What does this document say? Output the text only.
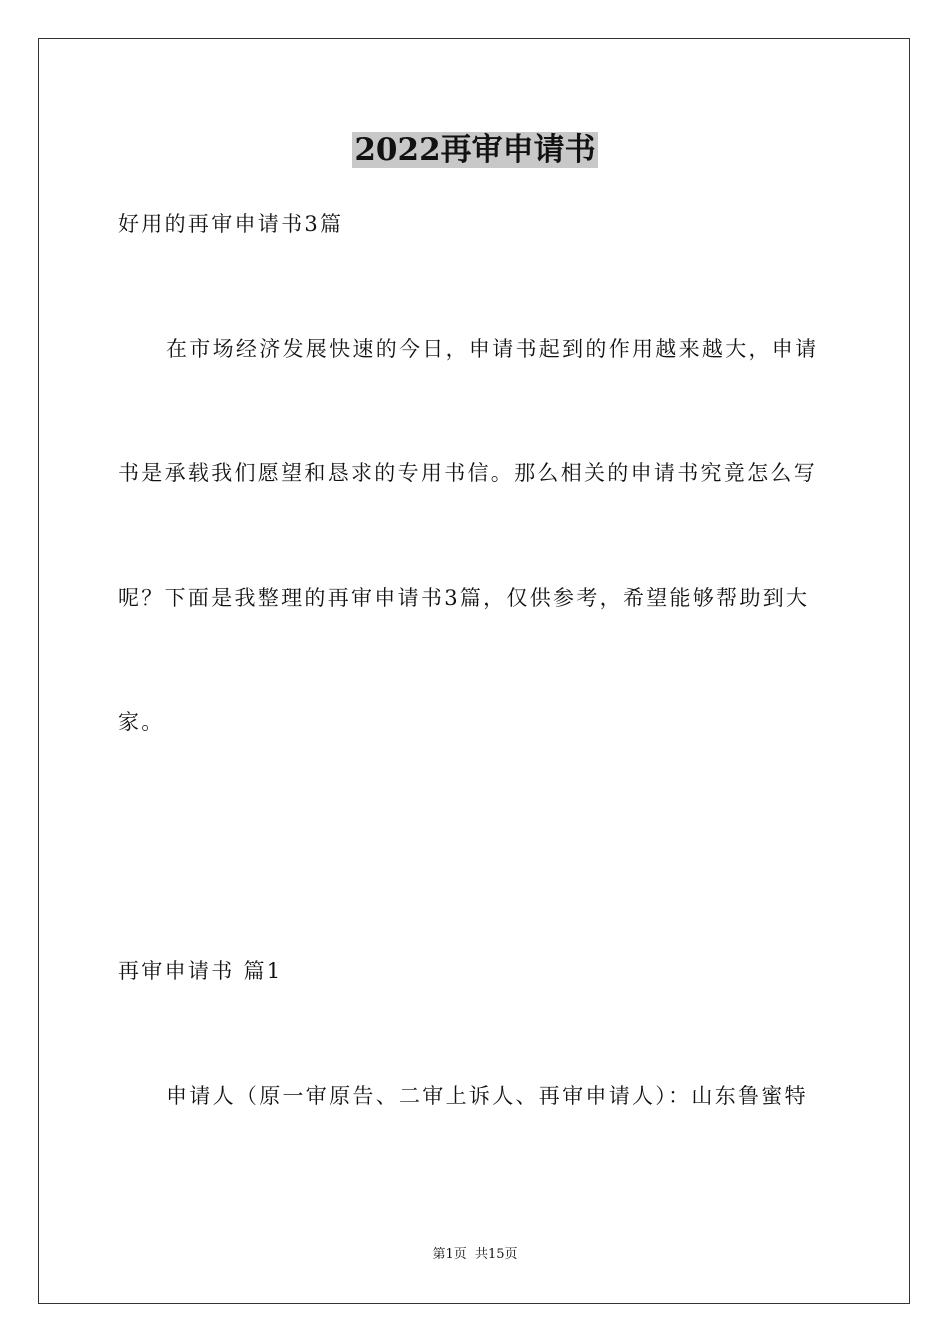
2022再审申请书

好用的再审申请书3篇

在市场经济发展快速的今日，申请书起到的作用越来越大，申请

书是承载我们愿望和恳求的专用书信。那么相关的申请书究竟怎么写

呢？下面是我整理的再审申请书3篇，仅供参考，希望能够帮助到大

家。

再审申请书 篇1

申请人（原一审原告、二审上诉人、再审申请人）：山东鲁蜜特

第1页  共15页
